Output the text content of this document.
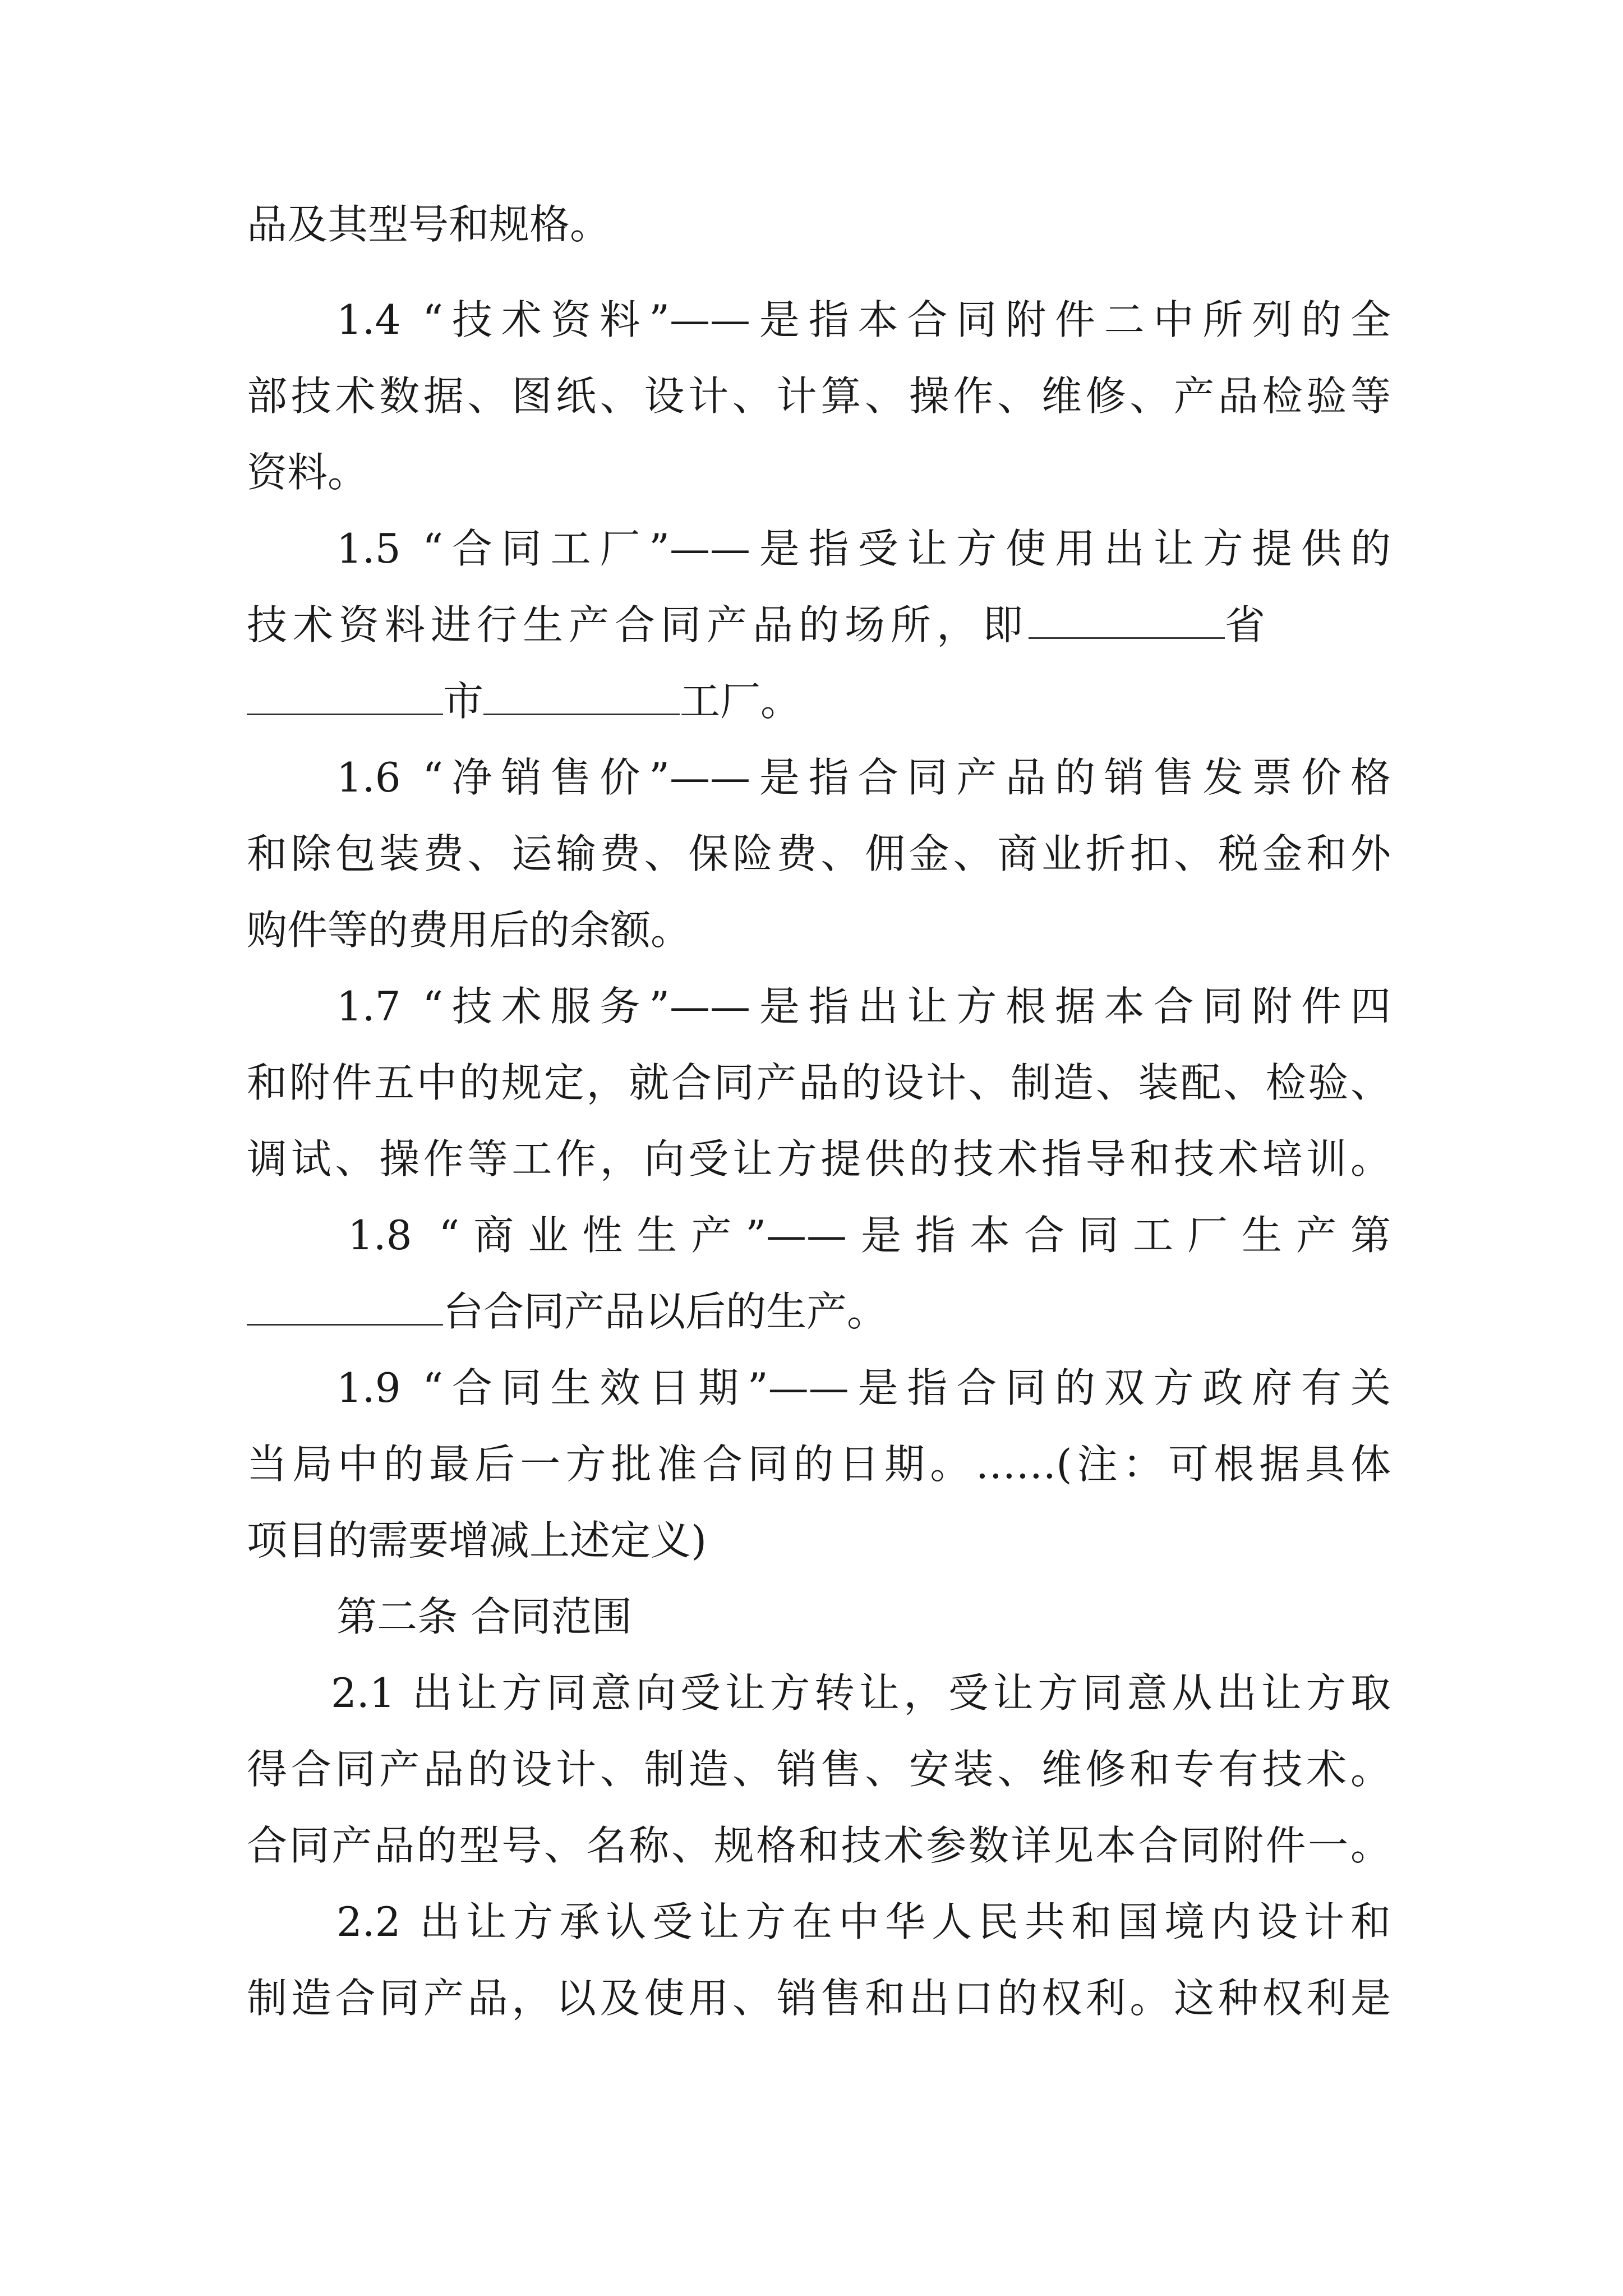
品及其型号和规格。
1.4 “技术资料”——是指本合同附件二中所列的全
部技术数据、图纸、设计、计算、操作、维修、产品检验等
资料。
1.5 “合同工厂”——是指受让方使用出让方提供的
技术资料进行生产合同产品的场所，即	省
市	工厂。
1.6 “净销售价”——是指合同产品的销售发票价格
和除包装费、运输费、保险费、佣金、商业折扣、税金和外
购件等的费用后的余额。
1.7 “技术服务”——是指出让方根据本合同附件四
和附件五中的规定，就合同产品的设计、制造、装配、检验、
调试、操作等工作，向受让方提供的技术指导和技术培训。
1.8 “商业性生产”——是指本合同工厂生产第
台合同产品以后的生产。
1.9 “合同生效日期”——是指合同的双方政府有关
当局中的最后一方批准合同的日期。……(注：可根据具体
项目的需要增减上述定义)
第二条 合同范围
2.1 出让方同意向受让方转让，受让方同意从出让方取
得合同产品的设计、制造、销售、安装、维修和专有技术。
合同产品的型号、名称、规格和技术参数详见本合同附件一。
2.2 出让方承认受让方在中华人民共和国境内设计和
制造合同产品，以及使用、销售和出口的权利。这种权利是
